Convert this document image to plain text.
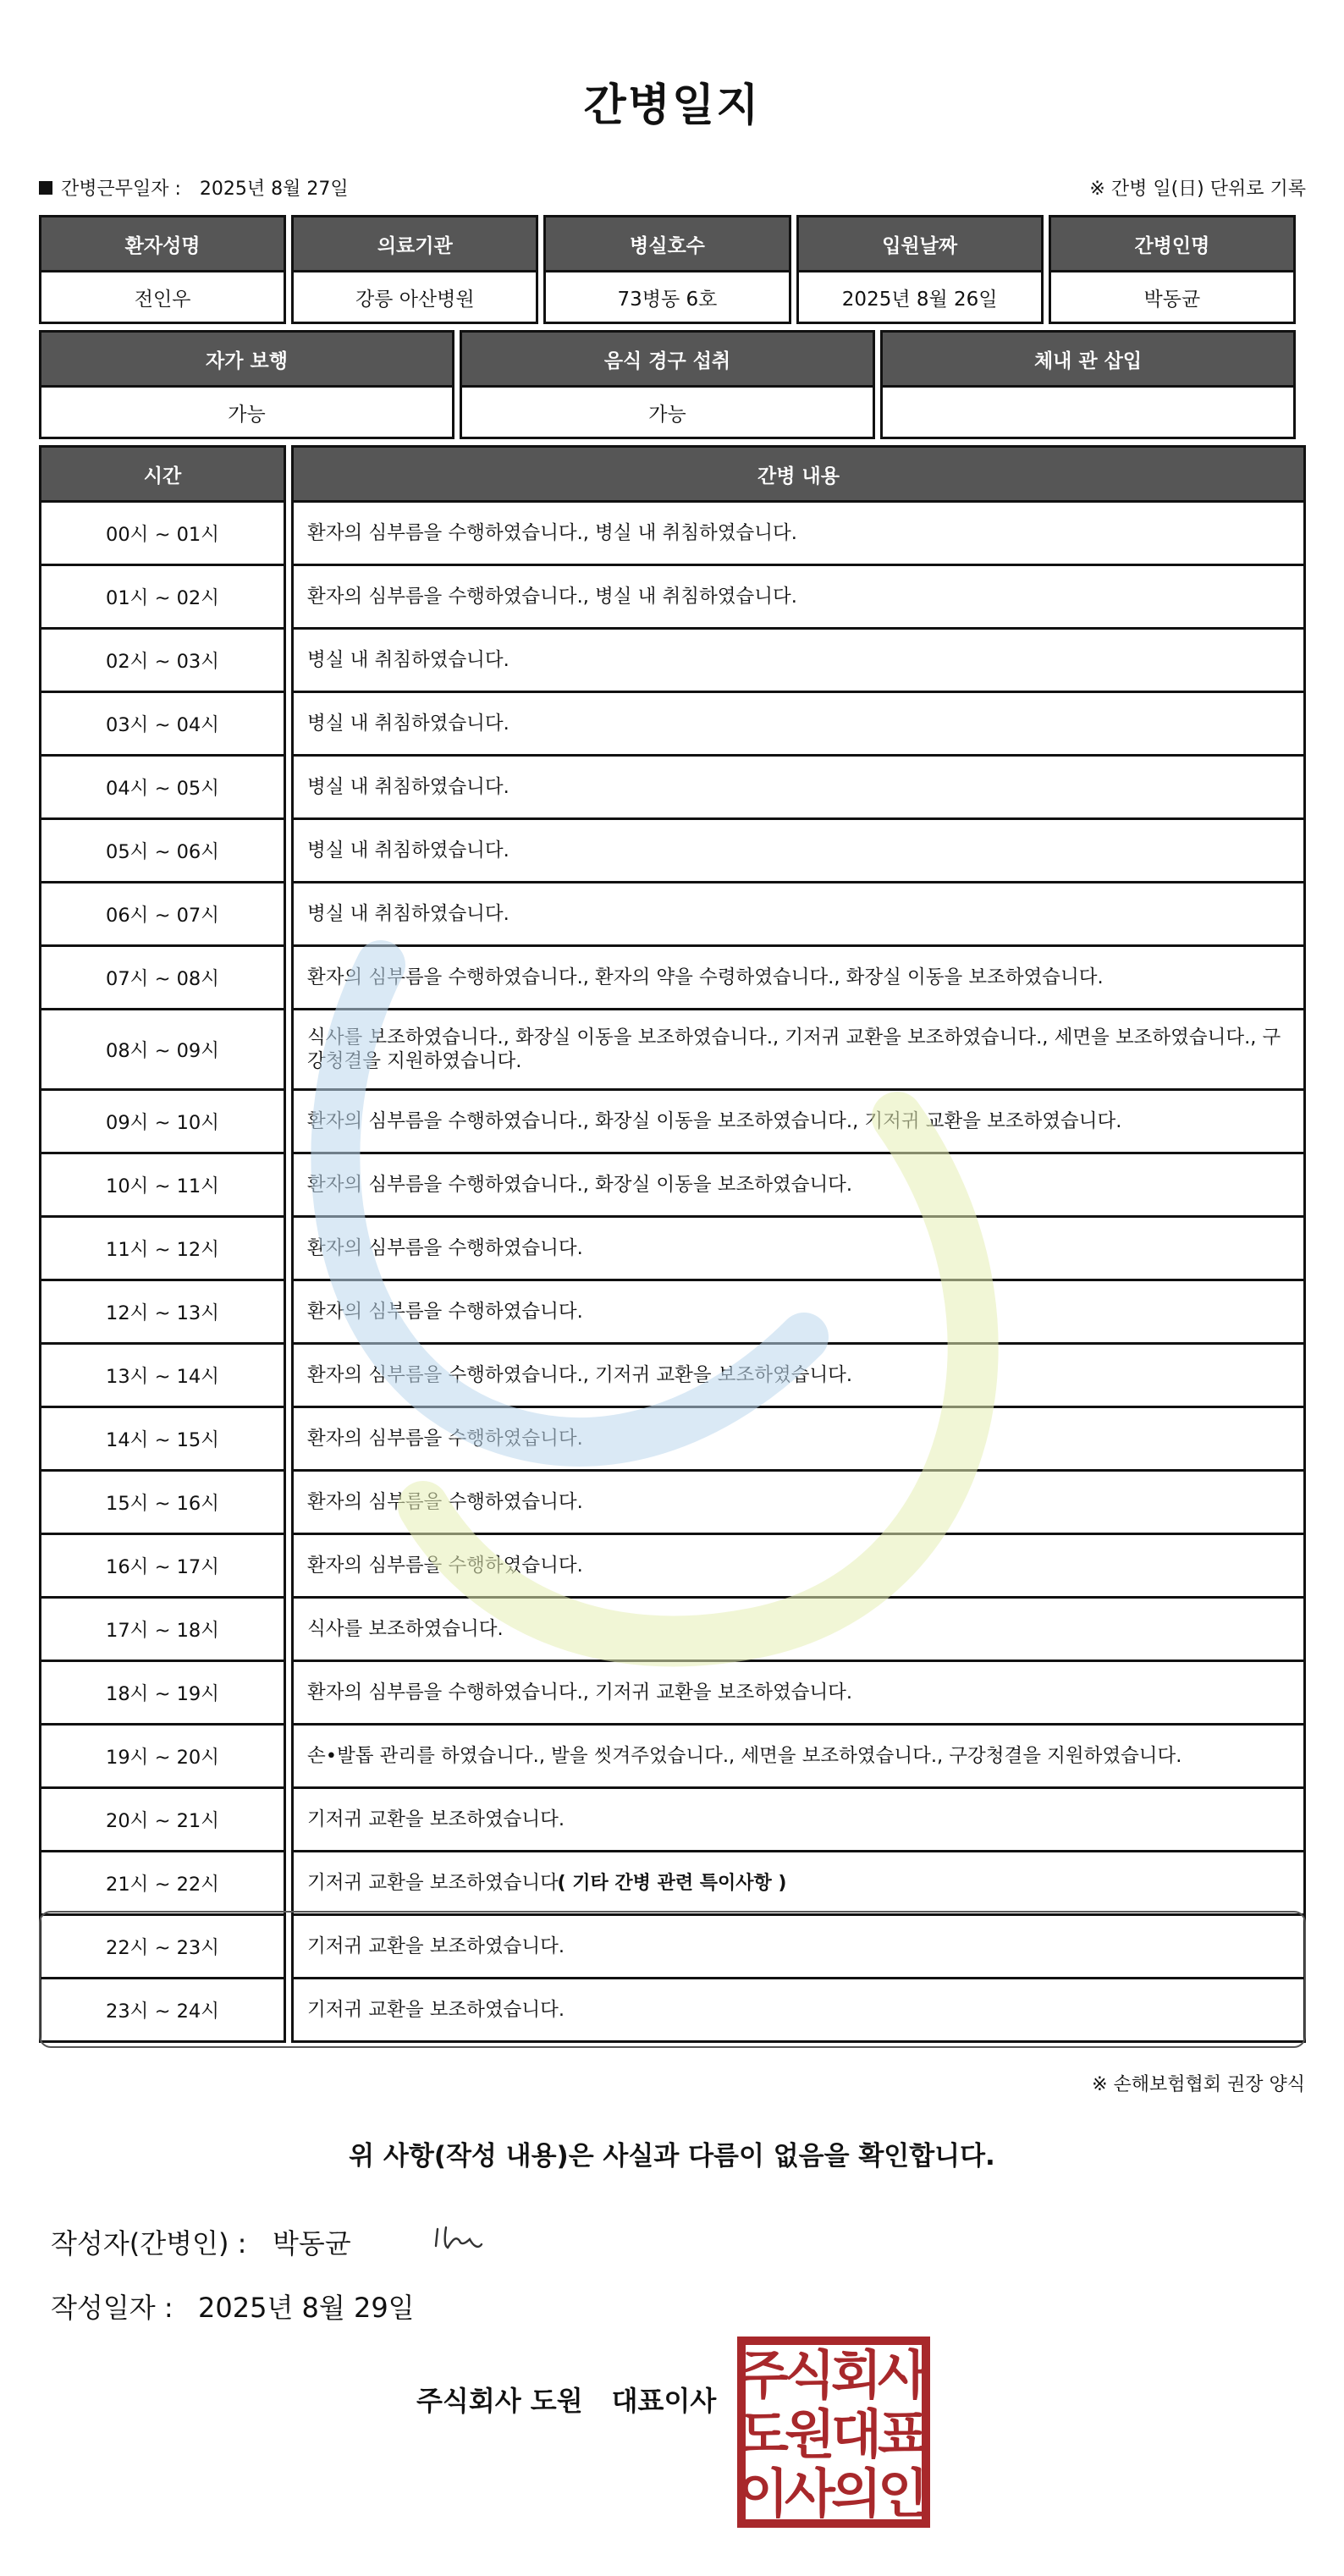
간병일지
간병근무일자 : 2025년 8월 27일	※ 간병 일(日) 단위로 기록
환자성명	의료기관	병실호수	입원날짜	간병인명
전인우	강릉 아산병원	73병동 6호	2025년 8월 26일	박동균
자가 보행	음식 경구 섭취	체내 관 삽입
가능	가능	
시간	간병 내용
00시 ~ 01시	환자의 심부름을 수행하였습니다., 병실 내 취침하였습니다.
01시 ~ 02시	환자의 심부름을 수행하였습니다., 병실 내 취침하였습니다.
02시 ~ 03시	병실 내 취침하였습니다.
03시 ~ 04시	병실 내 취침하였습니다.
04시 ~ 05시	병실 내 취침하였습니다.
05시 ~ 06시	병실 내 취침하였습니다.
06시 ~ 07시	병실 내 취침하였습니다.
07시 ~ 08시	환자의 심부름을 수행하였습니다., 환자의 약을 수령하였습니다., 화장실 이동을 보조하였습니다.
08시 ~ 09시	식사를 보조하였습니다., 화장실 이동을 보조하였습니다., 기저귀 교환을 보조하였습니다., 세면을 보조하였습니다., 구강청결을 지원하였습니다.
09시 ~ 10시	환자의 심부름을 수행하였습니다., 화장실 이동을 보조하였습니다., 기저귀 교환을 보조하였습니다.
10시 ~ 11시	환자의 심부름을 수행하였습니다., 화장실 이동을 보조하였습니다.
11시 ~ 12시	환자의 심부름을 수행하였습니다.
12시 ~ 13시	환자의 심부름을 수행하였습니다.
13시 ~ 14시	환자의 심부름을 수행하였습니다., 기저귀 교환을 보조하였습니다.
14시 ~ 15시	환자의 심부름을 수행하였습니다.
15시 ~ 16시	환자의 심부름을 수행하였습니다.
16시 ~ 17시	환자의 심부름을 수행하였습니다.
17시 ~ 18시	식사를 보조하였습니다.
18시 ~ 19시	환자의 심부름을 수행하였습니다., 기저귀 교환을 보조하였습니다.
19시 ~ 20시	손•발톱 관리를 하였습니다., 발을 씻겨주었습니다., 세면을 보조하였습니다., 구강청결을 지원하였습니다.
20시 ~ 21시	기저귀 교환을 보조하였습니다.
21시 ~ 22시	기저귀 교환을 보조하였습니다.
22시 ~ 23시	기저귀 교환을 보조하였습니다.
23시 ~ 24시	기저귀 교환을 보조하였습니다.
( 기타 간병 관련 특이사항 )
※ 손해보험협회 권장 양식
위 사항(작성 내용)은 사실과 다름이 없음을 확인합니다.
작성자(간병인) : 박동균
작성일자 : 2025년 8월 29일
주식회사 도원 대표이사 주
식
회
사
도
원
대
표
이
사
의
인
